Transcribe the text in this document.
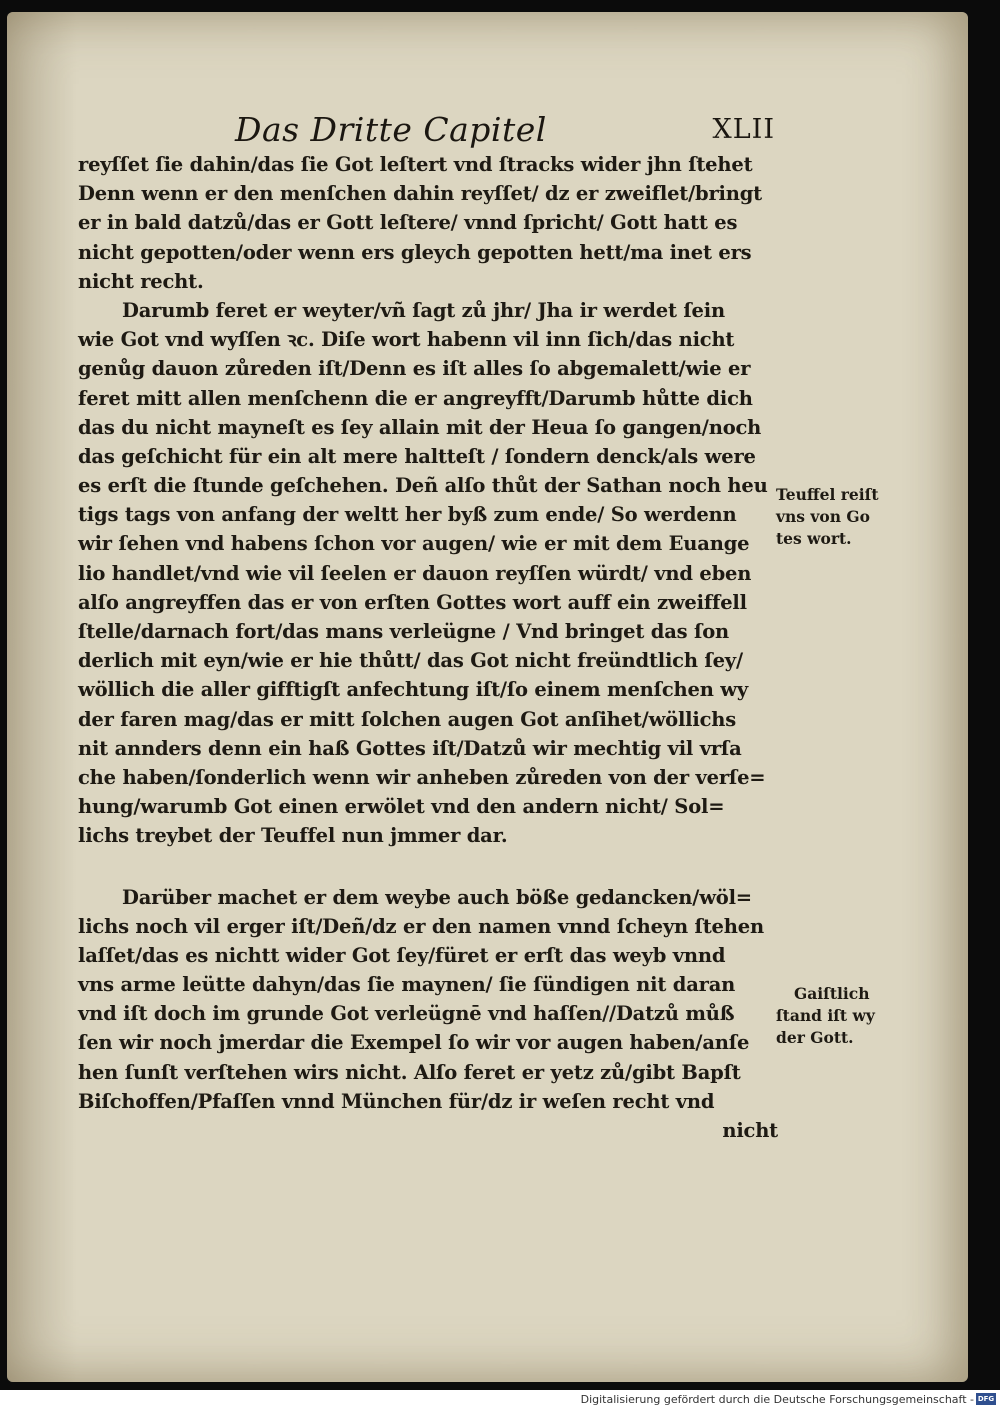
Das Dritte Capitel	XLII
reyſſet ſie dahin/das ſie Got leſtert vnd ſtracks wider jhn ſtehet
Denn wenn er den menſchen dahin reyſſet/ dz er zweiflet/bringt
er in bald datzů/das er Gott leſtere/ vnnd ſpricht/ Gott hatt es
nicht gepotten/oder wenn ers gleych gepotten hett/ma inet ers
nicht recht.
Darumb feret er weyter/vñ ſagt zů jhr/ Jha ir werdet ſein
wie Got vnd wyſſen ꝛc. Diſe wort habenn vil inn ſich/das nicht
genůg dauon zůreden iſt/Denn es iſt alles ſo abgemalett/wie er
feret mitt allen menſchenn die er angreyfft/Darumb hůtte dich
das du nicht mayneſt es ſey allain mit der Heua ſo gangen/noch
das geſchicht für ein alt mere haltteſt / ſondern denck/als were
es erſt die ſtunde geſchehen. Deñ alſo thůt der Sathan noch heu
tigs tags von anfang der weltt her byß zum ende/ So werdenn
wir ſehen vnd habens ſchon vor augen/ wie er mit dem Euange
lio handlet/vnd wie vil ſeelen er dauon reyſſen würdt/ vnd eben
alſo angreyffen das er von erſten Gottes wort auff ein zweiffell
ſtelle/darnach fort/das mans verleügne / Vnd bringet das ſon
derlich mit eyn/wie er hie thůtt/ das Got nicht freündtlich ſey/
wöllich die aller gifftigſt anfechtung iſt/ſo einem menſchen wy
der faren mag/das er mitt ſolchen augen Got anſihet/wöllichs
nit annders denn ein haß Gottes iſt/Datzů wir mechtig vil vrſa
che haben/ſonderlich wenn wir anheben zůreden von der verſe=
hung/warumb Got einen erwölet vnd den andern nicht/ Sol=
lichs treybet der Teuffel nun jmmer dar.
Darüber machet er dem weybe auch böße gedancken/wöl=
lichs noch vil erger iſt/Deñ/dz er den namen vnnd ſcheyn ſtehen
laſſet/das es nichtt wider Got ſey/füret er erſt das weyb vnnd
vns arme leütte dahyn/das ſie maynen/ ſie ſündigen nit daran
vnd iſt doch im grunde Got verleügnē vnd haſſen//Datzů můß
ſen wir noch jmerdar die Exempel ſo wir vor augen haben/anſe
hen ſunſt verſtehen wirs nicht. Alſo feret er yetz zů/gibt Bapſt
Biſchoffen/Pfaſſen vnnd München für/dz ir weſen recht vnd
nicht
Teuffel reiſt
vns von Go
tes wort.
Gaiſtlich
ſtand iſt wy
der Gott.
Digitalisierung gefördert durch die Deutsche Forschungsgemeinschaft - DFG
